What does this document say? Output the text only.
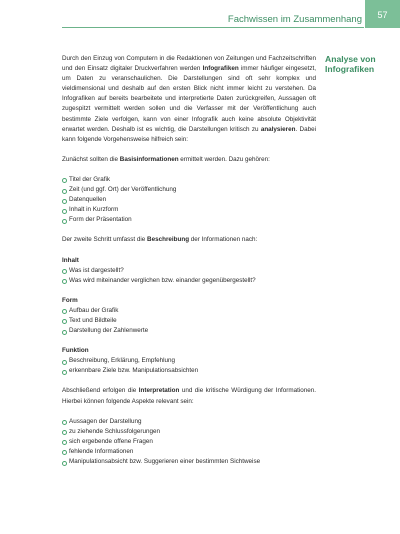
57
Fachwissen im Zusammenhang
Analyse von
Infografiken

Durch den Einzug von Computern in die Redaktionen von Zeitungen und Fachzeitschriften und den Einsatz digitaler Druckverfahren werden Infografiken immer häufiger eingesetzt, um Daten zu veranschaulichen. Die Darstellungen sind oft sehr komplex und vieldimensional und deshalb auf den ersten Blick nicht immer leicht zu verstehen. Da Infografiken auf bereits bearbeitete und interpretierte Daten zurückgreifen, Aussagen oft zugespitzt vermittelt werden sollen und die Verfasser mit der Veröffentlichung auch bestimmte Ziele verfolgen, kann von einer Infografik auch keine absolute Objektivität erwartet werden. Deshalb ist es wichtig, die Darstellungen kritisch zu analysieren. Dabei kann folgende Vorgehensweise hilfreich sein:

Zunächst sollten die Basisinformationen ermittelt werden. Dazu gehören:

Titel der Grafik
Zeit (und ggf. Ort) der Veröffentlichung
Datenquellen
Inhalt in Kurzform
Form der Präsentation

Der zweite Schritt umfasst die Beschreibung der Informationen nach:

Inhalt

Was ist dargestellt?
Was wird miteinander verglichen bzw. einander gegenübergestellt?

Form

Aufbau der Grafik
Text und Bildteile
Darstellung der Zahlenwerte

Funktion

Beschreibung, Erklärung, Empfehlung
erkennbare Ziele bzw. Manipulationsabsichten

Abschließend erfolgen die Interpretation und die kritische Würdigung der Informationen. Hierbei können folgende Aspekte relevant sein:

Aussagen der Darstellung
zu ziehende Schlussfolgerungen
sich ergebende offene Fragen
fehlende Informationen
Manipulationsabsicht bzw. Suggerieren einer bestimmten Sichtweise
